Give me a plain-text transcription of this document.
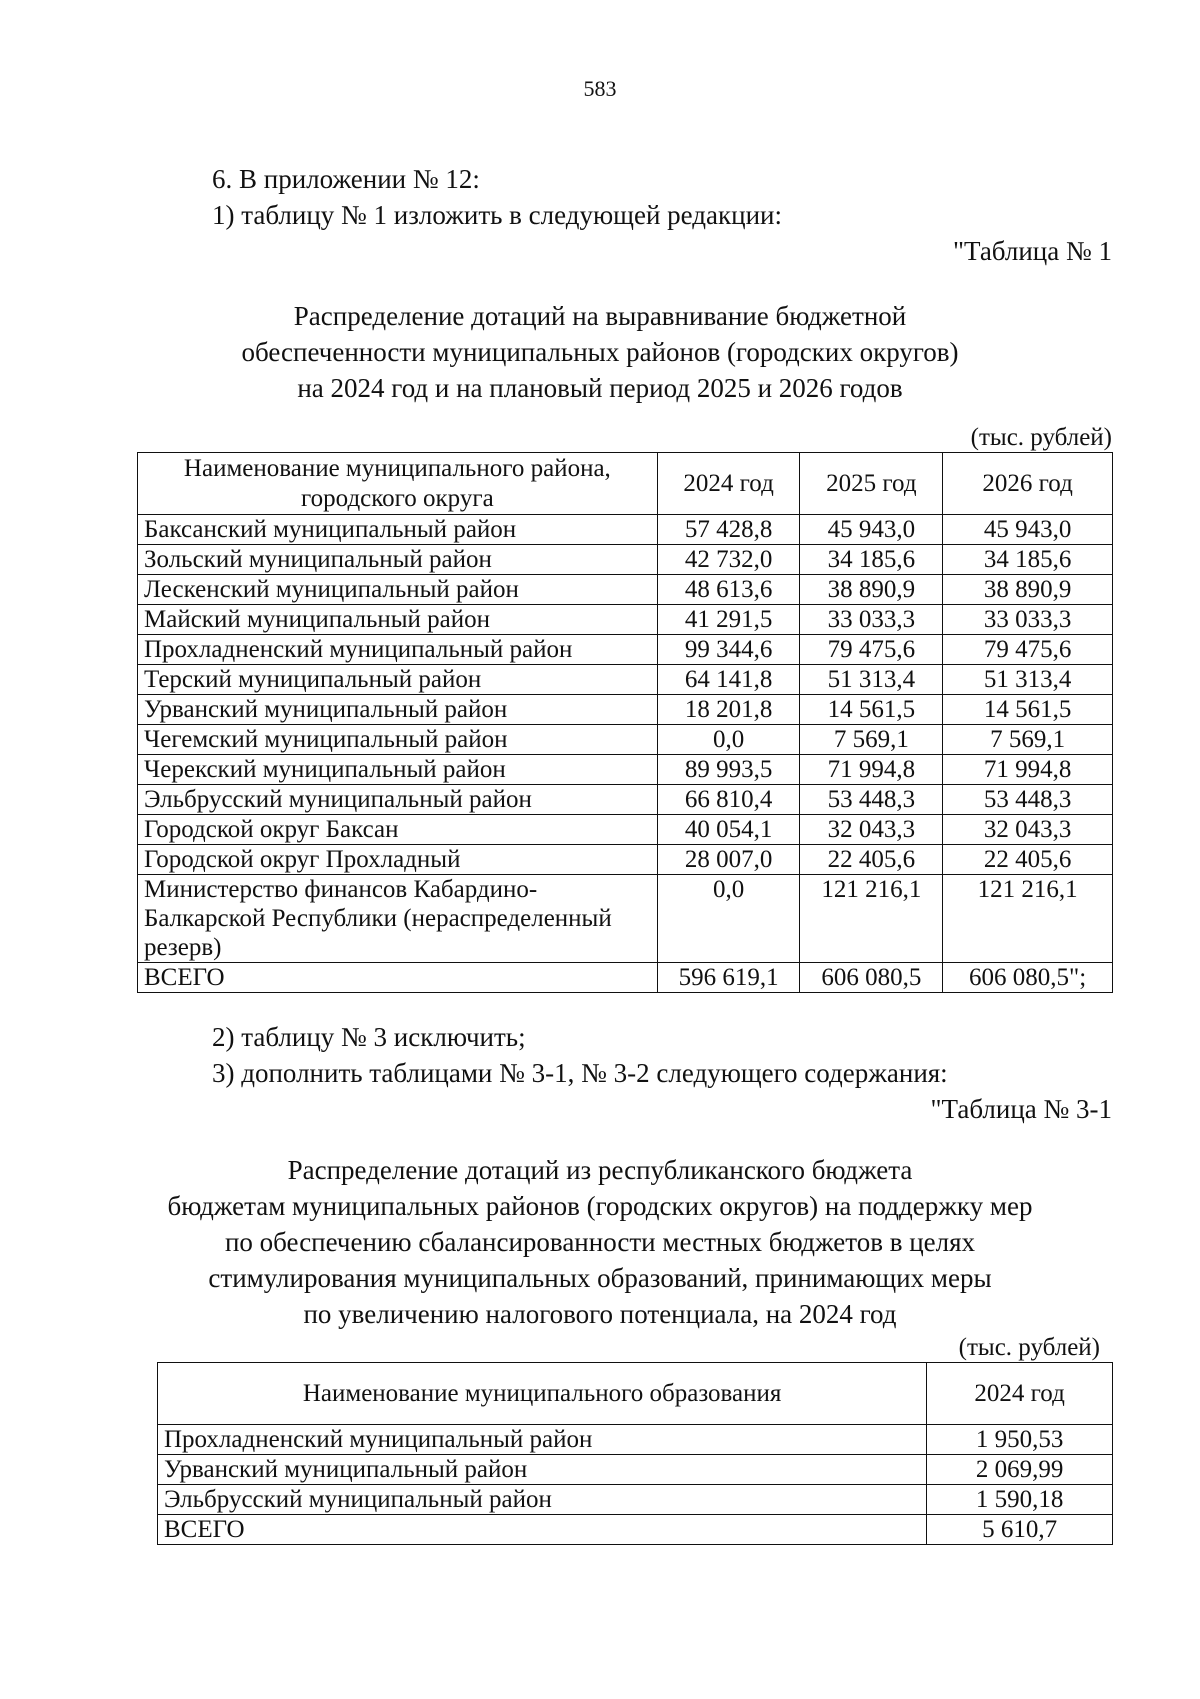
583
6. В приложении № 12:
1) таблицу № 1 изложить в следующей редакции:
"Таблица № 1
Распределение дотаций на выравнивание бюджетной
обеспеченности муниципальных районов (городских округов)
на 2024 год и на плановый период 2025 и 2026 годов
(тыс. рублей)
Наименование муниципального района, городского округа	2024 год	2025 год	2026 год
Баксанский муниципальный район	57 428,8	45 943,0	45 943,0
Зольский муниципальный район	42 732,0	34 185,6	34 185,6
Лескенский муниципальный район	48 613,6	38 890,9	38 890,9
Майский муниципальный район	41 291,5	33 033,3	33 033,3
Прохладненский муниципальный район	99 344,6	79 475,6	79 475,6
Терский муниципальный район	64 141,8	51 313,4	51 313,4
Урванский муниципальный район	18 201,8	14 561,5	14 561,5
Чегемский муниципальный район	0,0	7 569,1	7 569,1
Черекский муниципальный район	89 993,5	71 994,8	71 994,8
Эльбрусский муниципальный район	66 810,4	53 448,3	53 448,3
Городской округ Баксан	40 054,1	32 043,3	32 043,3
Городской округ Прохладный	28 007,0	22 405,6	22 405,6
Министерство финансов Кабардино-Балкарской Республики (нераспределенный резерв)	0,0	121 216,1	121 216,1
ВСЕГО	596 619,1	606 080,5	606 080,5";
2) таблицу № 3 исключить;
3) дополнить таблицами № 3-1, № 3-2 следующего содержания:
"Таблица № 3-1
Распределение дотаций из республиканского бюджета
бюджетам муниципальных районов (городских округов) на поддержку мер
по обеспечению сбалансированности местных бюджетов в целях
стимулирования муниципальных образований, принимающих меры
по увеличению налогового потенциала, на 2024 год
(тыс. рублей)
Наименование муниципального образования	2024 год
Прохладненский муниципальный район	1 950,53
Урванский муниципальный район	2 069,99
Эльбрусский муниципальный район	1 590,18
ВСЕГО	5 610,7
